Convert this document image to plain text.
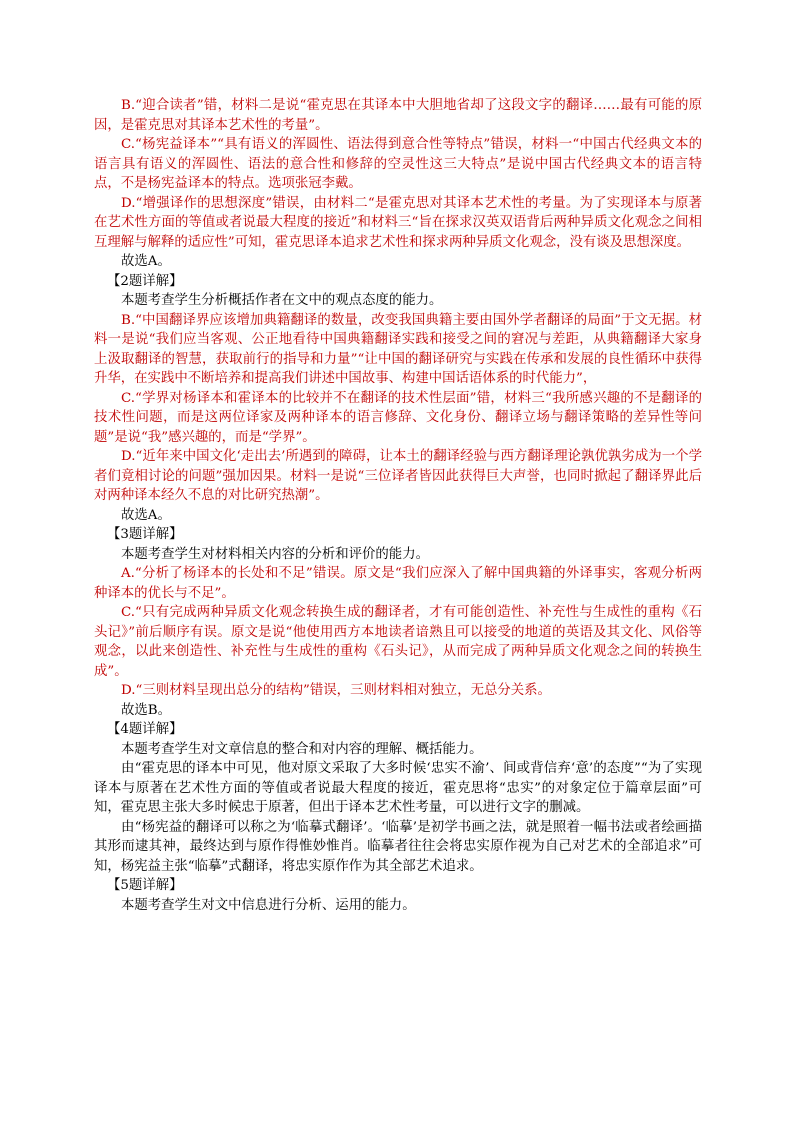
B.“迎合读者”错，材料二是说“霍克思在其译本中大胆地省却了这段文字的翻译……最有可能的原因，是霍克思对其译本艺术性的考量”。

C.“杨宪益译本”“具有语义的浑圆性、语法得到意合性等特点”错误，材料一“中国古代经典文本的语言具有语义的浑圆性、语法的意合性和修辞的空灵性这三大特点”是说中国古代经典文本的语言特点，不是杨宪益译本的特点。选项张冠李戴。

D.“增强译作的思想深度”错误，由材料二“是霍克思对其译本艺术性的考量。为了实现译本与原著在艺术性方面的等值或者说最大程度的接近”和材料三“旨在探求汉英双语背后两种异质文化观念之间相互理解与解释的适应性”可知，霍克思译本追求艺术性和探求两种异质文化观念，没有谈及思想深度。

故选A。

【2题详解】

本题考查学生分析概括作者在文中的观点态度的能力。

B.“中国翻译界应该增加典籍翻译的数量，改变我国典籍主要由国外学者翻译的局面”于文无据。材料一是说“我们应当客观、公正地看待中国典籍翻译实践和接受之间的窘况与差距，从典籍翻译大家身上汲取翻译的智慧，获取前行的指导和力量”“让中国的翻译研究与实践在传承和发展的良性循环中获得升华，在实践中不断培养和提高我们讲述中国故事、构建中国话语体系的时代能力”，

C.“学界对杨译本和霍译本的比较并不在翻译的技术性层面”错，材料三“我所感兴趣的不是翻译的技术性问题，而是这两位译家及两种译本的语言修辞、文化身份、翻译立场与翻译策略的差异性等问题”是说“我”感兴趣的，而是“学界”。

D.“近年来中国文化‘走出去’所遇到的障碍，让本土的翻译经验与西方翻译理论孰优孰劣成为一个学者们竟相讨论的问题”强加因果。材料一是说“三位译者皆因此获得巨大声誉，也同时掀起了翻译界此后对两种译本经久不息的对比研究热潮”。

故选A。

【3题详解】

本题考查学生对材料相关内容的分析和评价的能力。

A.“分析了杨译本的长处和不足”错误。原文是“我们应深入了解中国典籍的外译事实，客观分析两种译本的优长与不足”。

C.“只有完成两种异质文化观念转换生成的翻译者，才有可能创造性、补充性与生成性的重构《石头记》”前后顺序有误。原文是说“他使用西方本地读者谙熟且可以接受的地道的英语及其文化、风俗等观念，以此来创造性、补充性与生成性的重构《石头记》，从而完成了两种异质文化观念之间的转换生成”。

D.“三则材料呈现出总分的结构”错误，三则材料相对独立，无总分关系。

故选B。

【4题详解】

本题考查学生对文章信息的整合和对内容的理解、概括能力。

由“霍克思的译本中可见，他对原文采取了大多时候‘忠实不渝’、间或背信弃‘意’的态度”“为了实现译本与原著在艺术性方面的等值或者说最大程度的接近，霍克思将“忠实”的对象定位于篇章层面”可知，霍克思主张大多时候忠于原著，但出于译本艺术性考量，可以进行文字的删减。

由“杨宪益的翻译可以称之为‘临摹式翻译’。‘临摹’是初学书画之法，就是照着一幅书法或者绘画描其形而逮其神，最终达到与原作得惟妙惟肖。临摹者往往会将忠实原作视为自己对艺术的全部追求”可知，杨宪益主张“临摹”式翻译，将忠实原作作为其全部艺术追求。

【5题详解】

本题考查学生对文中信息进行分析、运用的能力。
